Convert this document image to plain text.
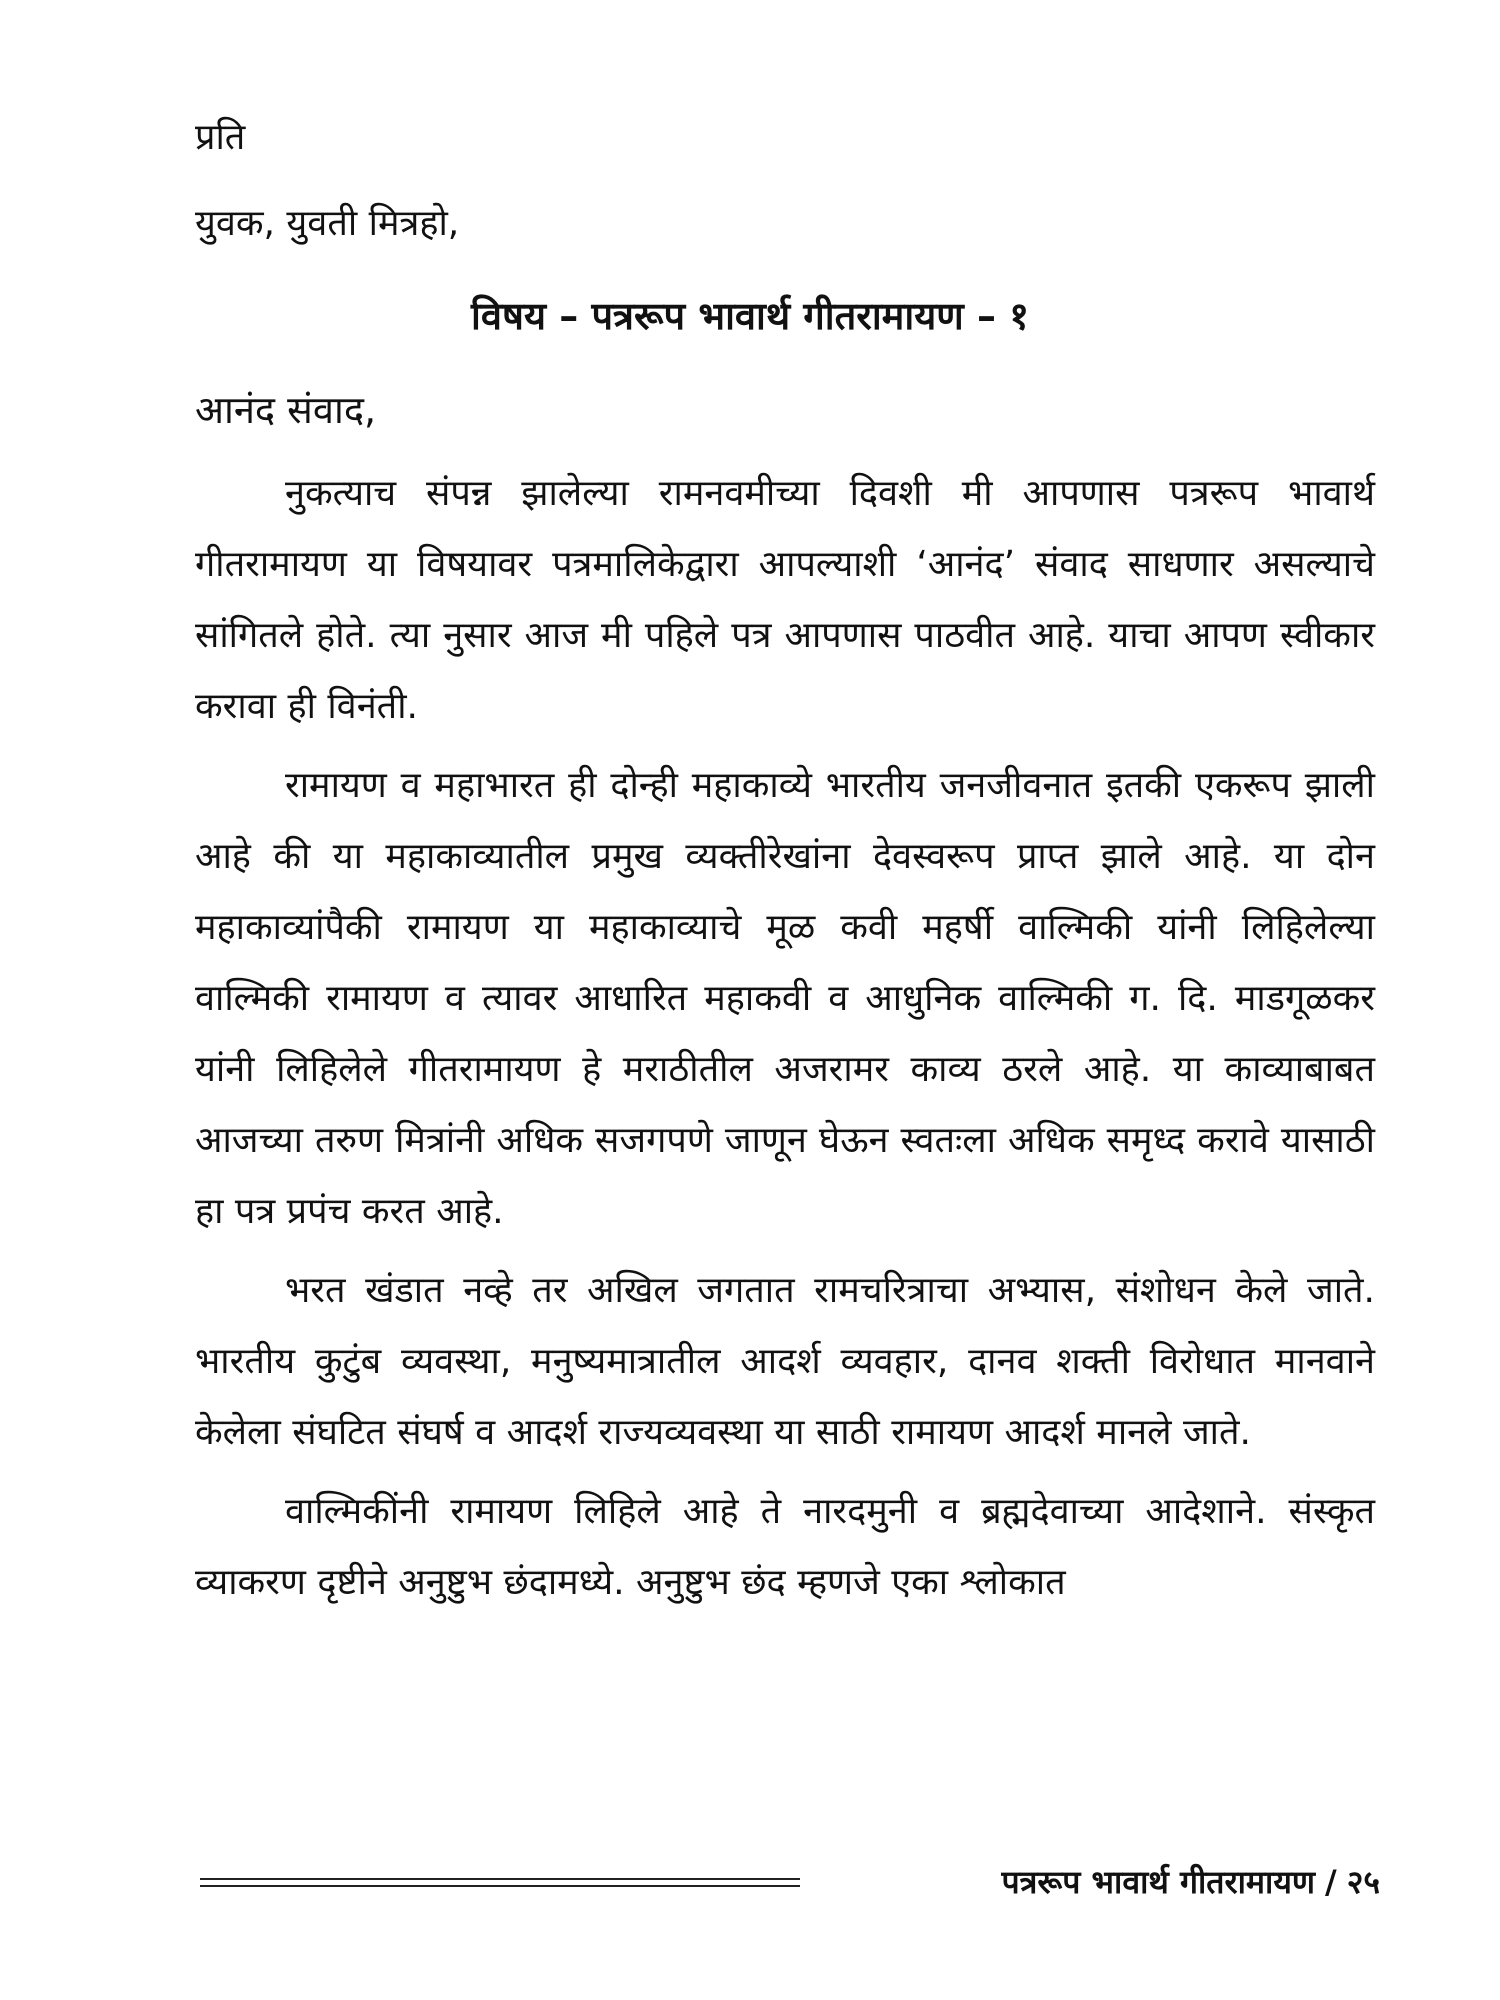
प्रति
युवक, युवती मित्रहो,
विषय – पत्ररूप भावार्थ गीतरामायण – १
आनंद संवाद,

नुकत्याच संपन्न झालेल्या रामनवमीच्या दिवशी मी आपणास पत्ररूप भावार्थ गीतरामायण या विषयावर पत्रमालिकेद्वारा आपल्याशी ‘आनंद’ संवाद साधणार असल्याचे सांगितले होते. त्या नुसार आज मी पहिले पत्र आपणास पाठवीत आहे. याचा आपण स्वीकार करावा ही विनंती.

रामायण व महाभारत ही दोन्ही महाकाव्ये भारतीय जनजीवनात इतकी एकरूप झाली आहे की या महाकाव्यातील प्रमुख व्यक्तीरेखांना देवस्वरूप प्राप्त झाले आहे. या दोन महाकाव्यांपैकी रामायण या महाकाव्याचे मूळ कवी महर्षी वाल्मिकी यांनी लिहिलेल्या वाल्मिकी रामायण व त्यावर आधारित महाकवी व आधुनिक वाल्मिकी ग. दि. माडगूळकर यांनी लिहिलेले गीतरामायण हे मराठीतील अजरामर काव्य ठरले आहे. या काव्याबाबत आजच्या तरुण मित्रांनी अधिक सजगपणे जाणून घेऊन स्वतःला अधिक समृध्द करावे यासाठी हा पत्र प्रपंच करत आहे.

भरत खंडात नव्हे तर अखिल जगतात रामचरित्राचा अभ्यास, संशोधन केले जाते. भारतीय कुटुंब व्यवस्था, मनुष्यमात्रातील आदर्श व्यवहार, दानव शक्ती विरोधात मानवाने केलेला संघटित संघर्ष व आदर्श राज्यव्यवस्था या साठी रामायण आदर्श मानले जाते.

वाल्मिकींनी रामायण लिहिले आहे ते नारदमुनी व ब्रह्मदेवाच्या आदेशाने. संस्कृत व्याकरण दृष्टीने अनुष्टुभ छंदामध्ये. अनुष्टुभ छंद म्हणजे एका श्लोकात

पत्ररूप भावार्थ गीतरामायण / २५
